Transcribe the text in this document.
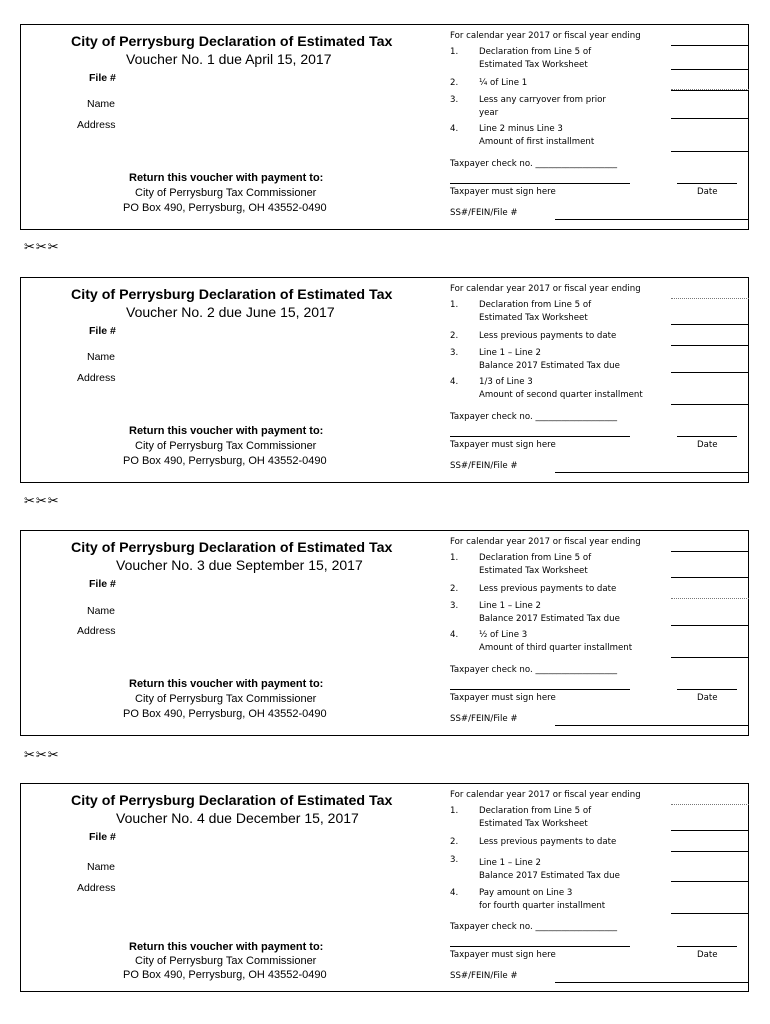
City of Perrysburg Declaration of Estimated Tax
Voucher No. 1 due April 15, 2017
File #
Name
Address
Return this voucher with payment to:
City of Perrysburg Tax Commissioner
PO Box 490, Perrysburg, OH 43552-0490
For calendar year 2017 or fiscal year ending
1. Declaration from Line 5 of
Estimated Tax Worksheet
2. ¼ of Line 1
3. Less any carryover from prior
year
4. Line 2 minus Line 3
Amount of first installment
Taxpayer check no. ___________________
Taxpayer must sign here	Date
SS#/FEIN/File #
✂✂✂
City of Perrysburg Declaration of Estimated Tax
Voucher No. 2 due June 15, 2017
File #
Name
Address
Return this voucher with payment to:
City of Perrysburg Tax Commissioner
PO Box 490, Perrysburg, OH 43552-0490
For calendar year 2017 or fiscal year ending
1. Declaration from Line 5 of
Estimated Tax Worksheet
2. Less previous payments to date
3. Line 1 – Line 2
Balance 2017 Estimated Tax due
4. 1/3 of Line 3
Amount of second quarter installment
Taxpayer check no. ___________________
Taxpayer must sign here	Date
SS#/FEIN/File #
✂✂✂
City of Perrysburg Declaration of Estimated Tax
Voucher No. 3 due September 15, 2017
File #
Name
Address
Return this voucher with payment to:
City of Perrysburg Tax Commissioner
PO Box 490, Perrysburg, OH 43552-0490
For calendar year 2017 or fiscal year ending
1. Declaration from Line 5 of
Estimated Tax Worksheet
2. Less previous payments to date
3. Line 1 – Line 2
Balance 2017 Estimated Tax due
4. ½ of Line 3
Amount of third quarter installment
Taxpayer check no. ___________________
Taxpayer must sign here	Date
SS#/FEIN/File #
✂✂✂
City of Perrysburg Declaration of Estimated Tax
Voucher No. 4 due December 15, 2017
File #
Name
Address
Return this voucher with payment to:
City of Perrysburg Tax Commissioner
PO Box 490, Perrysburg, OH 43552-0490
For calendar year 2017 or fiscal year ending
1. Declaration from Line 5 of
Estimated Tax Worksheet
2. Less previous payments to date
3. Line 1 – Line 2
Balance 2017 Estimated Tax due
4. Pay amount on Line 3
for fourth quarter installment
Taxpayer check no. ___________________
Taxpayer must sign here	Date
SS#/FEIN/File #
